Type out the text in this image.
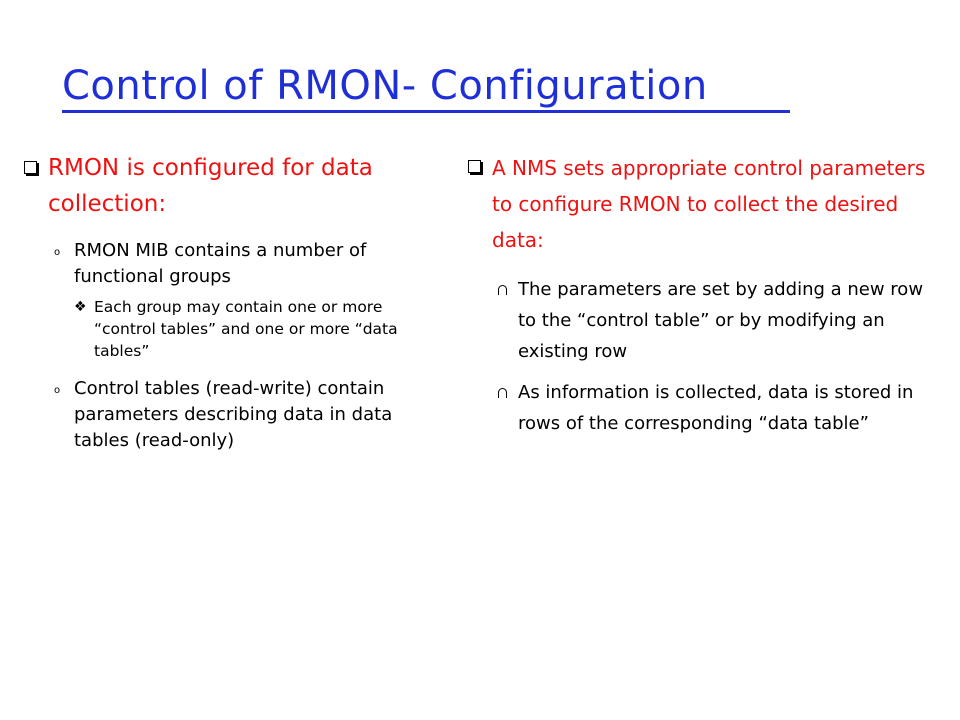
Control of RMON- Configuration
RMON is configured for data collection:
o RMON MIB contains a number of functional groups
❖ Each group may contain one or more “control tables” and one or more “data tables”
o Control tables (read-write) contain parameters describing data in data tables (read-only)
A NMS sets appropriate control parameters to configure RMON to collect the desired data:
The parameters are set by adding a new row to the “control table” or by modifying an existing row
As information is collected, data is stored in rows of the corresponding “data table”
